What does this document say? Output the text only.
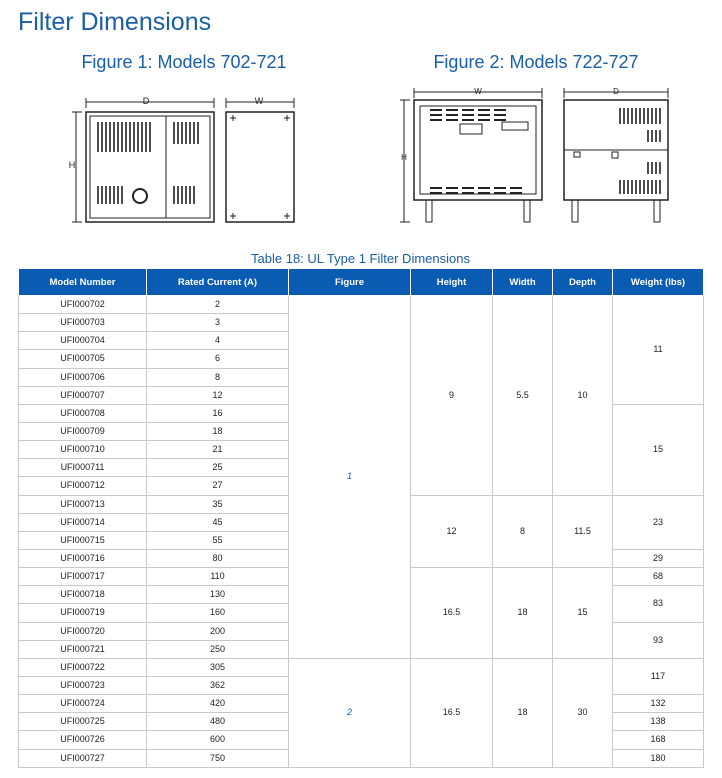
Filter Dimensions
Figure 1: Models 702-721	Figure 2: Models 722-727
D	W
H
W	D
H
Table 18: UL Type 1 Filter Dimensions
Model Number	Rated Current (A)	Figure	Height	Width	Depth	Weight (lbs)
UFI000702	2	1	9	5.5	10	11
UFI000703	3					
UFI000704	4					
UFI000705	6					
UFI000706	8					
UFI000707	12					
UFI000708	16					15
UFI000709	18					
UFI000710	21					
UFI000711	25					
UFI000712	27					
UFI000713	35		12	8	11.5	23
UFI000714	45					
UFI000715	55					
UFI000716	80					29
UFI000717	110		16.5	18	15	68
UFI000718	130					83
UFI000719	160					
UFI000720	200					93
UFI000721	250					
UFI000722	305	2	16.5	18	30	117
UFI000723	362					
UFI000724	420					132
UFI000725	480					138
UFI000726	600					168
UFI000727	750					180
